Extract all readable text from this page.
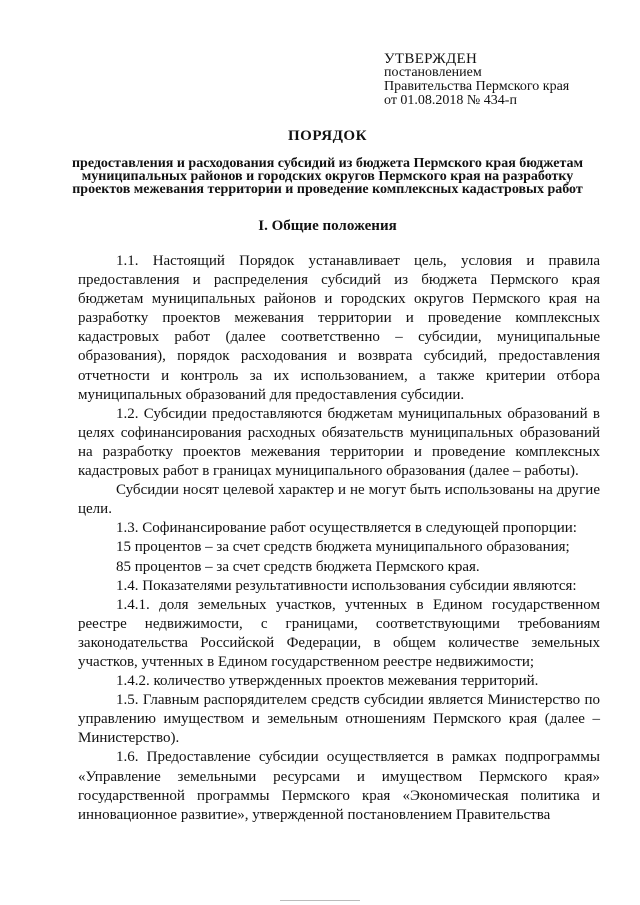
УТВЕРЖДЕН
постановлением
Правительства Пермского края
от 01.08.2018 № 434-п
ПОРЯДОК

предоставления и расходования субсидий из бюджета Пермского края бюджетам муниципальных районов и городских округов Пермского края на разработку проектов межевания территории и проведение комплексных кадастровых работ

I. Общие положения

1.1. Настоящий Порядок устанавливает цель, условия и правила предоставления и распределения субсидий из бюджета Пермского края бюджетам муниципальных районов и городских округов Пермского края на разработку проектов межевания территории и проведение комплексных кадастровых работ (далее соответственно – субсидии, муниципальные образования), порядок расходования и возврата субсидий, предоставления отчетности и контроль за их использованием, а также критерии отбора муниципальных образований для предоставления субсидии.

1.2. Субсидии предоставляются бюджетам муниципальных образований в целях софинансирования расходных обязательств муниципальных образований на разработку проектов межевания территории и проведение комплексных кадастровых работ в границах муниципального образования (далее – работы).

Субсидии носят целевой характер и не могут быть использованы на другие цели.

1.3. Софинансирование работ осуществляется в следующей пропорции:

15 процентов – за счет средств бюджета муниципального образования;

85 процентов – за счет средств бюджета Пермского края.

1.4. Показателями результативности использования субсидии являются:

1.4.1. доля земельных участков, учтенных в Едином государственном реестре недвижимости, с границами, соответствующими требованиям законодательства Российской Федерации, в общем количестве земельных участков, учтенных в Едином государственном реестре недвижимости;

1.4.2. количество утвержденных проектов межевания территорий.

1.5. Главным распорядителем средств субсидии является Министерство по управлению имуществом и земельным отношениям Пермского края (далее – Министерство).

1.6. Предоставление субсидии осуществляется в рамках подпрограммы «Управление земельными ресурсами и имуществом Пермского края» государственной программы Пермского края «Экономическая политика и инновационное развитие», утвержденной постановлением Правительства
